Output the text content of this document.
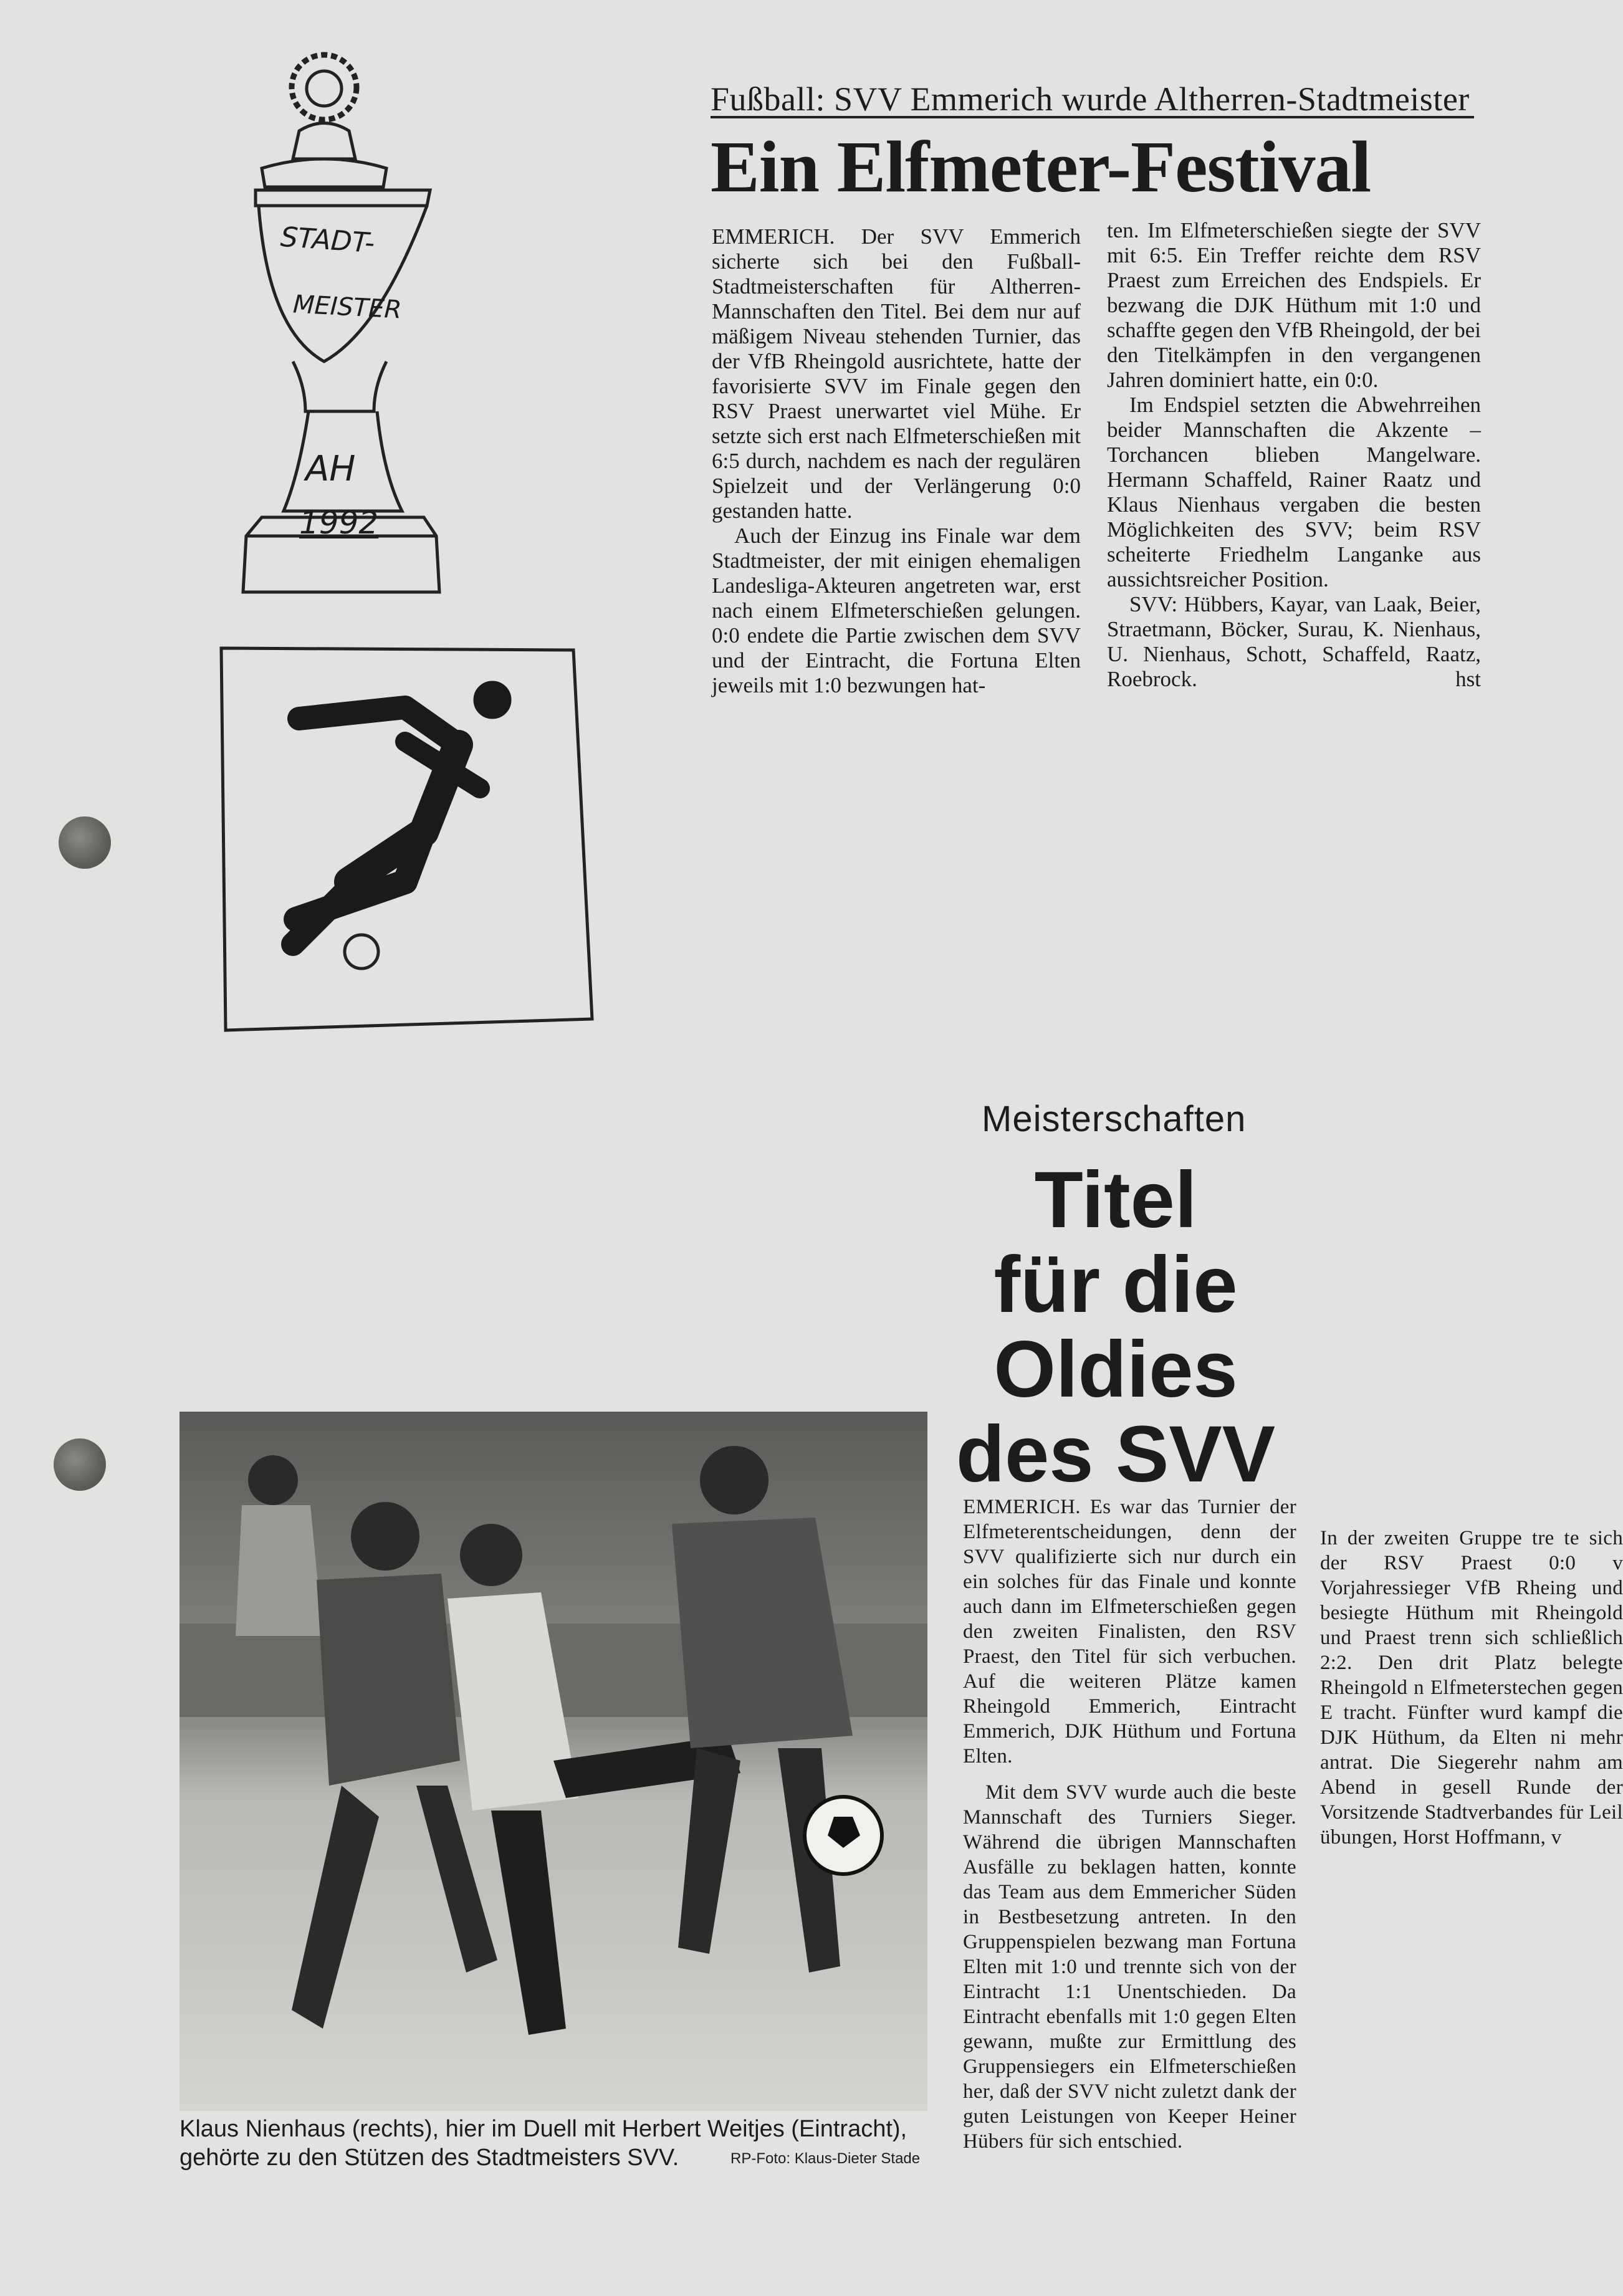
STADT-
MEISTER
AH
1992
Fußball: SVV Emmerich wurde Altherren-Stadtmeister
Ein Elfmeter-Festival

EMMERICH. Der SVV Emmerich sicherte sich bei den Fußball-Stadtmeisterschaften für Altherren-Mannschaften den Titel. Bei dem nur auf mäßigem Niveau stehenden Turnier, das der VfB Rheingold ausrichtete, hatte der favorisierte SVV im Finale gegen den RSV Praest unerwartet viel Mühe. Er setzte sich erst nach Elfmeterschießen mit 6:5 durch, nachdem es nach der regulären Spielzeit und der Verlängerung 0:0 gestanden hatte.

Auch der Einzug ins Finale war dem Stadtmeister, der mit einigen ehemaligen Landesliga-Akteuren angetreten war, erst nach einem Elfmeterschießen gelungen. 0:0 endete die Partie zwischen dem SVV und der Eintracht, die Fortuna Elten jeweils mit 1:0 bezwungen hat-

ten. Im Elfmeterschießen siegte der SVV mit 6:5. Ein Treffer reichte dem RSV Praest zum Erreichen des Endspiels. Er bezwang die DJK Hüthum mit 1:0 und schaffte gegen den VfB Rheingold, der bei den Titelkämpfen in den vergangenen Jahren dominiert hatte, ein 0:0.

Im Endspiel setzten die Abwehrreihen beider Mannschaften die Akzente – Torchancen blieben Mangelware. Hermann Schaffeld, Rainer Raatz und Klaus Nienhaus vergaben die besten Möglichkeiten des SVV; beim RSV scheiterte Friedhelm Langanke aus aussichtsreicher Position.

SVV: Hübbers, Kayar, van Laak, Beier, Straetmann, Böcker, Surau, K. Nienhaus, U. Nienhaus, Schott, Schaffeld, Raatz, Roebrock.	hst

Meisterschaften
Titel
für die
Oldies
des SVV
Klaus Nienhaus (rechts), hier im Duell mit Herbert Weitjes (Eintracht), gehörte zu den Stützen des Stadtmeisters SVV.	RP-Foto: Klaus-Dieter Stade

EMMERICH. Es war das Turnier der Elfmeterentscheidungen, denn der SVV qualifizierte sich nur durch ein ein solches für das Finale und konnte auch dann im Elfmeterschießen gegen den zweiten Finalisten, den RSV Praest, den Titel für sich verbuchen. Auf die weiteren Plätze kamen Rheingold Emmerich, Eintracht Emmerich, DJK Hüthum und Fortuna Elten.

Mit dem SVV wurde auch die beste Mannschaft des Turniers Sieger. Während die übrigen Mannschaften Ausfälle zu beklagen hatten, konnte das Team aus dem Emmericher Süden in Bestbesetzung antreten. In den Gruppenspielen bezwang man Fortuna Elten mit 1:0 und trennte sich von der Eintracht 1:1 Unentschieden. Da Eintracht ebenfalls mit 1:0 gegen Elten gewann, mußte zur Ermittlung des Gruppensiegers ein Elfmeterschießen her, daß der SVV nicht zuletzt dank der guten Leistungen von Keeper Heiner Hübers für sich entschied.

In der zweiten Gruppe tre te sich der RSV Praest 0:0 v Vorjahressieger VfB Rheing und besiegte Hüthum mit Rheingold und Praest trenn sich schließlich 2:2. Den drit Platz belegte Rheingold n Elfmeterstechen gegen E tracht. Fünfter wurd kampf die DJK Hüthum, da Elten ni mehr antrat. Die Siegerehr nahm am Abend in gesell Runde der Vorsitzende Stadtverbandes für Leil übungen, Horst Hoffmann, v
